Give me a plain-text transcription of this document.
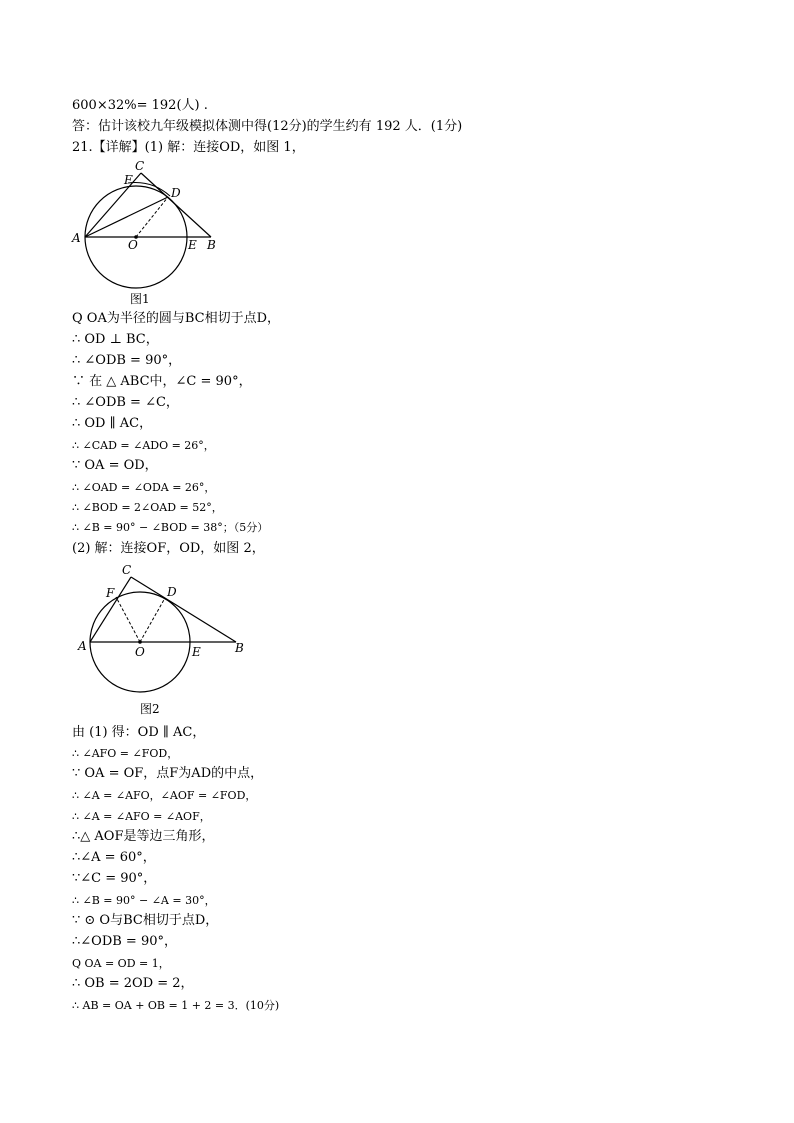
600×32%= 192(人) .
答：估计该校九年级模拟体测中得(12分)的学生约有 192 人．(1分)
21.【详解】(1) 解：连接OD，如图 1，
A
C
F
D
O	E B
图1
Q OA为半径的圆与BC相切于点D，
∴ OD ⊥ BC，
∴ ∠ODB = 90°，
∵ 在 △ ABC中，∠C = 90°，
∴ ∠ODB = ∠C，
∴ OD ∥ AC，
∴ ∠CAD = ∠ADO = 26°，
∵ OA = OD，
∴ ∠OAD = ∠ODA = 26°，
∴ ∠BOD = 2∠OAD = 52°，
∴ ∠B = 90° − ∠BOD = 38°；（5分）
(2) 解：连接OF，OD，如图 2，
A
C
F	D
O	E	B
图2
由 (1) 得：OD ∥ AC，
∴ ∠AFO = ∠FOD，
∵ OA = OF，点F为AD的中点，
∴ ∠A = ∠AFO，∠AOF = ∠FOD，
∴ ∠A = ∠AFO = ∠AOF，
∴△ AOF是等边三角形，
∴∠A = 60°，
∵∠C = 90°，
∴ ∠B = 90° − ∠A = 30°，
∵ ⊙ O与BC相切于点D，
∴∠ODB = 90°，
Q OA = OD = 1，
∴ OB = 2OD = 2，
∴ AB = OA + OB = 1 + 2 = 3．(10分)
